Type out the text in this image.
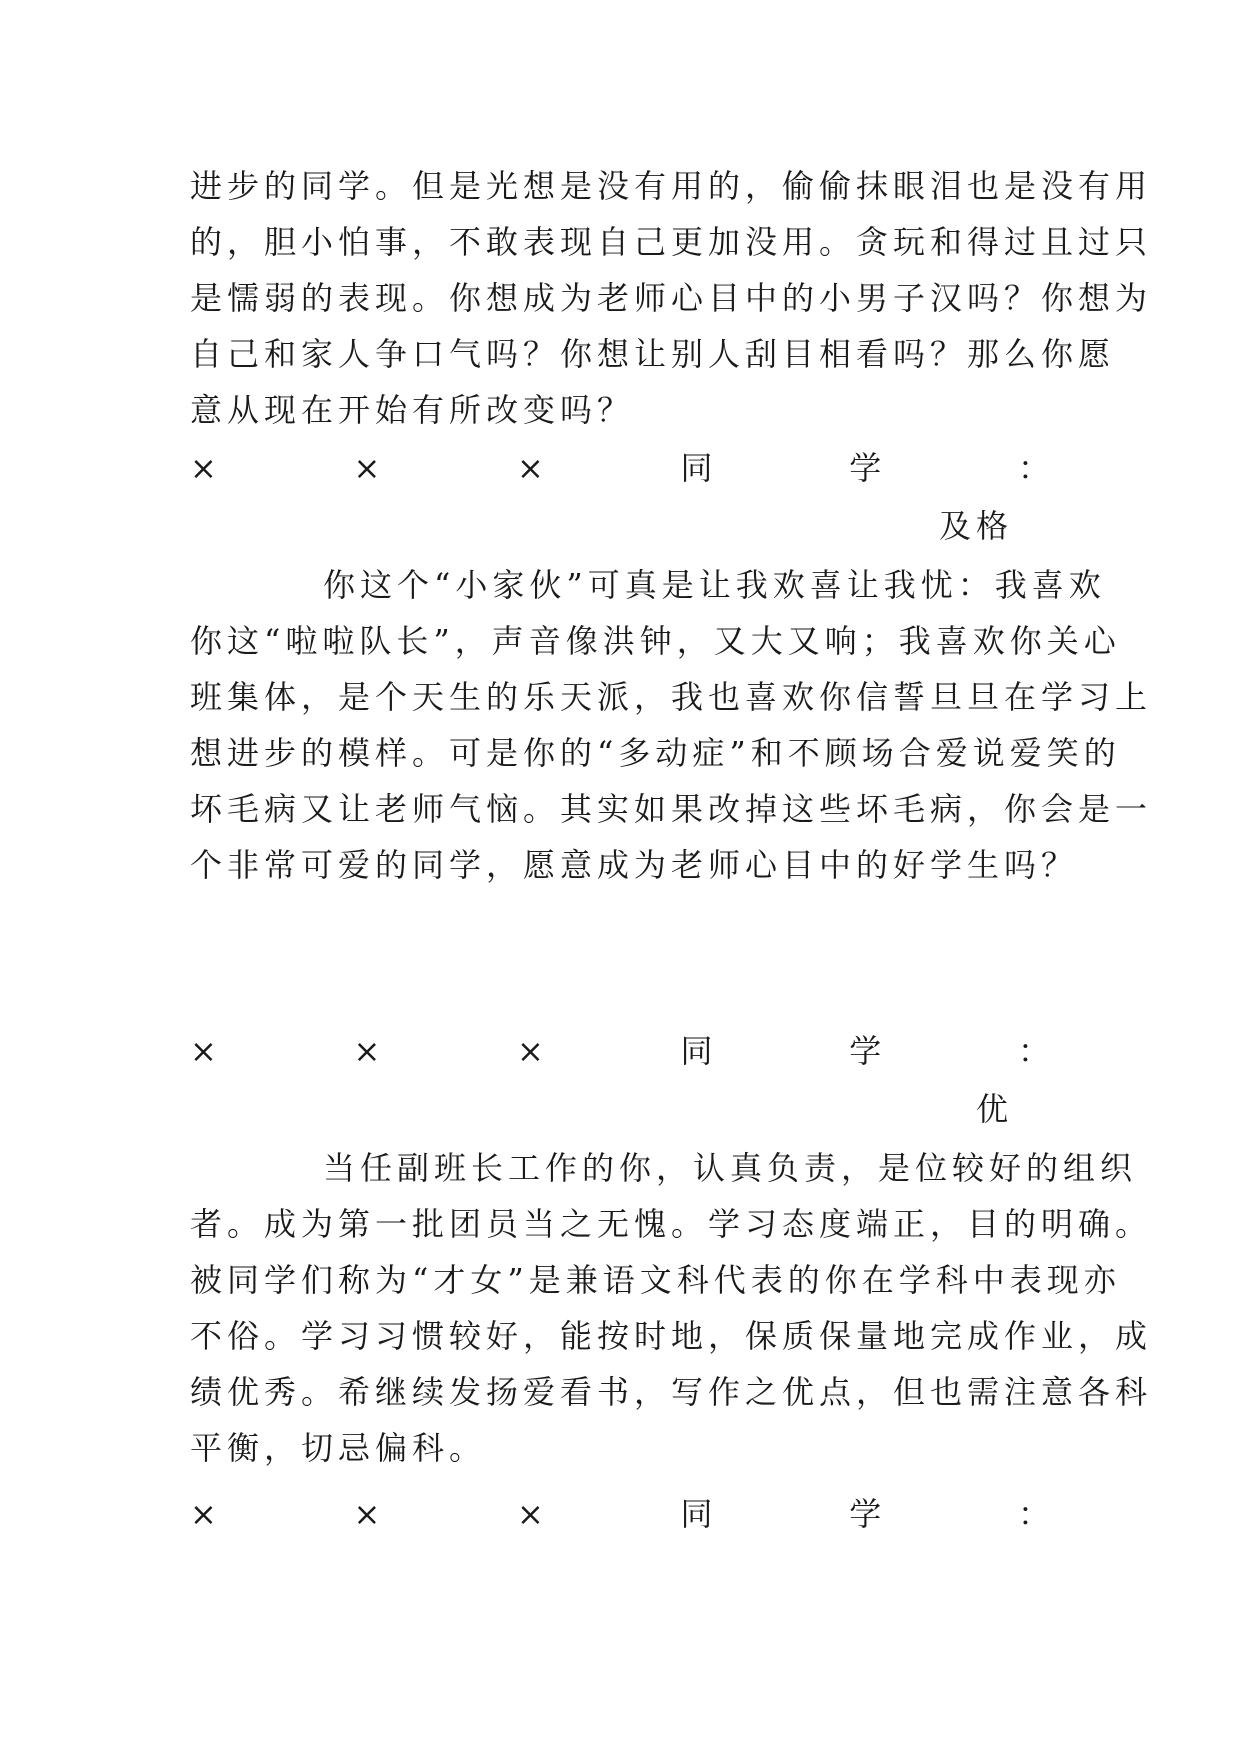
进步的同学。但是光想是没有用的，偷偷抹眼泪也是没有用
的，胆小怕事，不敢表现自己更加没用。贪玩和得过且过只
是懦弱的表现。你想成为老师心目中的小男子汉吗？你想为
自己和家人争口气吗？你想让别人刮目相看吗？那么你愿
意从现在开始有所改变吗？
×	×	×	同	学	：
及格
你这个“小家伙”可真是让我欢喜让我忧：我喜欢
你这“啦啦队长”，声音像洪钟，又大又响；我喜欢你关心
班集体，是个天生的乐天派，我也喜欢你信誓旦旦在学习上
想进步的模样。可是你的“多动症”和不顾场合爱说爱笑的
坏毛病又让老师气恼。其实如果改掉这些坏毛病，你会是一
个非常可爱的同学，愿意成为老师心目中的好学生吗？
×	×	×	同	学	：
优
当任副班长工作的你，认真负责，是位较好的组织
者。成为第一批团员当之无愧。学习态度端正，目的明确。
被同学们称为“才女”是兼语文科代表的你在学科中表现亦
不俗。学习习惯较好，能按时地，保质保量地完成作业，成
绩优秀。希继续发扬爱看书，写作之优点，但也需注意各科
平衡，切忌偏科。
×	×	×	同	学	：
